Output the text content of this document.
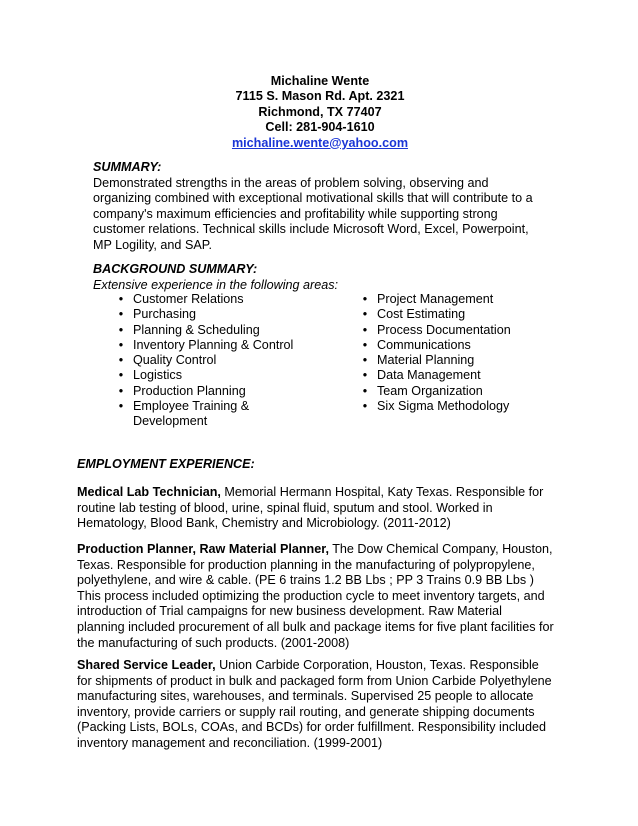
Michaline Wente
7115 S. Mason Rd. Apt. 2321
Richmond, TX 77407
Cell: 281-904-1610
michaline.wente@yahoo.com
SUMMARY:
Demonstrated strengths in the areas of problem solving, observing and
organizing combined with exceptional motivational skills that will contribute to a
company's maximum efficiencies and profitability while supporting strong
customer relations. Technical skills include Microsoft Word, Excel, Powerpoint,
MP Logility, and SAP.
BACKGROUND SUMMARY:
Extensive experience in the following areas:
• Customer Relations
• Purchasing
• Planning & Scheduling
• Inventory Planning & Control
• Quality Control
• Logistics
• Production Planning
• Employee Training &
Development
• Project Management
• Cost Estimating
• Process Documentation
• Communications
• Material Planning
• Data Management
• Team Organization
• Six Sigma Methodology
EMPLOYMENT EXPERIENCE:
Medical Lab Technician, Memorial Hermann Hospital, Katy Texas. Responsible for
routine lab testing of blood, urine, spinal fluid, sputum and stool. Worked in
Hematology, Blood Bank, Chemistry and Microbiology. (2011-2012)
Production Planner, Raw Material Planner, The Dow Chemical Company, Houston,
Texas. Responsible for production planning in the manufacturing of polypropylene,
polyethylene, and wire & cable. (PE 6 trains 1.2 BB Lbs ; PP 3 Trains 0.9 BB Lbs )
This process included optimizing the production cycle to meet inventory targets, and
introduction of Trial campaigns for new business development. Raw Material
planning included procurement of all bulk and package items for five plant facilities for
the manufacturing of such products. (2001-2008)
Shared Service Leader, Union Carbide Corporation, Houston, Texas. Responsible
for shipments of product in bulk and packaged form from Union Carbide Polyethylene
manufacturing sites, warehouses, and terminals. Supervised 25 people to allocate
inventory, provide carriers or supply rail routing, and generate shipping documents
(Packing Lists, BOLs, COAs, and BCDs) for order fulfillment. Responsibility included
inventory management and reconciliation. (1999-2001)
